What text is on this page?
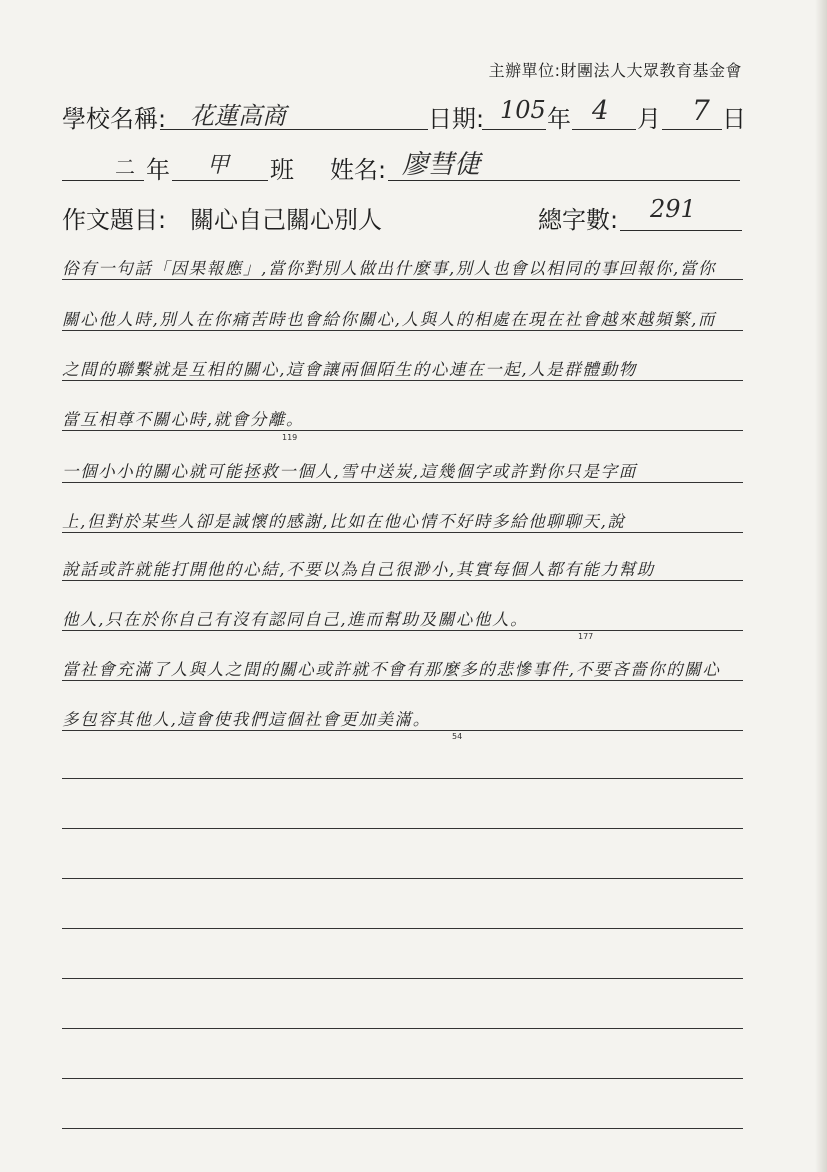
主辦單位:財團法人大眾教育基金會
學校名稱: 花蓮高商	日期: 105 年 4 月 7 日
二 年 甲 班 姓名: 廖彗倢
作文題目: 關心自己關心別人	總字數: 291
俗有一句話「因果報應」,當你對別人做出什麼事,別人也會以相同的事回報你,當你
關心他人時,別人在你痛苦時也會給你關心,人與人的相處在現在社會越來越頻繁,而
之間的聯繫就是互相的關心,這會讓兩個陌生的心連在一起,人是群體動物
當互相尊不關心時,就會分離。
一個小小的關心就可能拯救一個人,雪中送炭,這幾個字或許對你只是字面
上,但對於某些人卻是誠懷的感謝,比如在他心情不好時多給他聊聊天,說
說話或許就能打開他的心結,不要以為自己很渺小,其實每個人都有能力幫助
他人,只在於你自己有沒有認同自己,進而幫助及關心他人。
當社會充滿了人與人之間的關心或許就不會有那麼多的悲慘事件,不要吝嗇你的關心
多包容其他人,這會使我們這個社會更加美滿。
119
177
54
